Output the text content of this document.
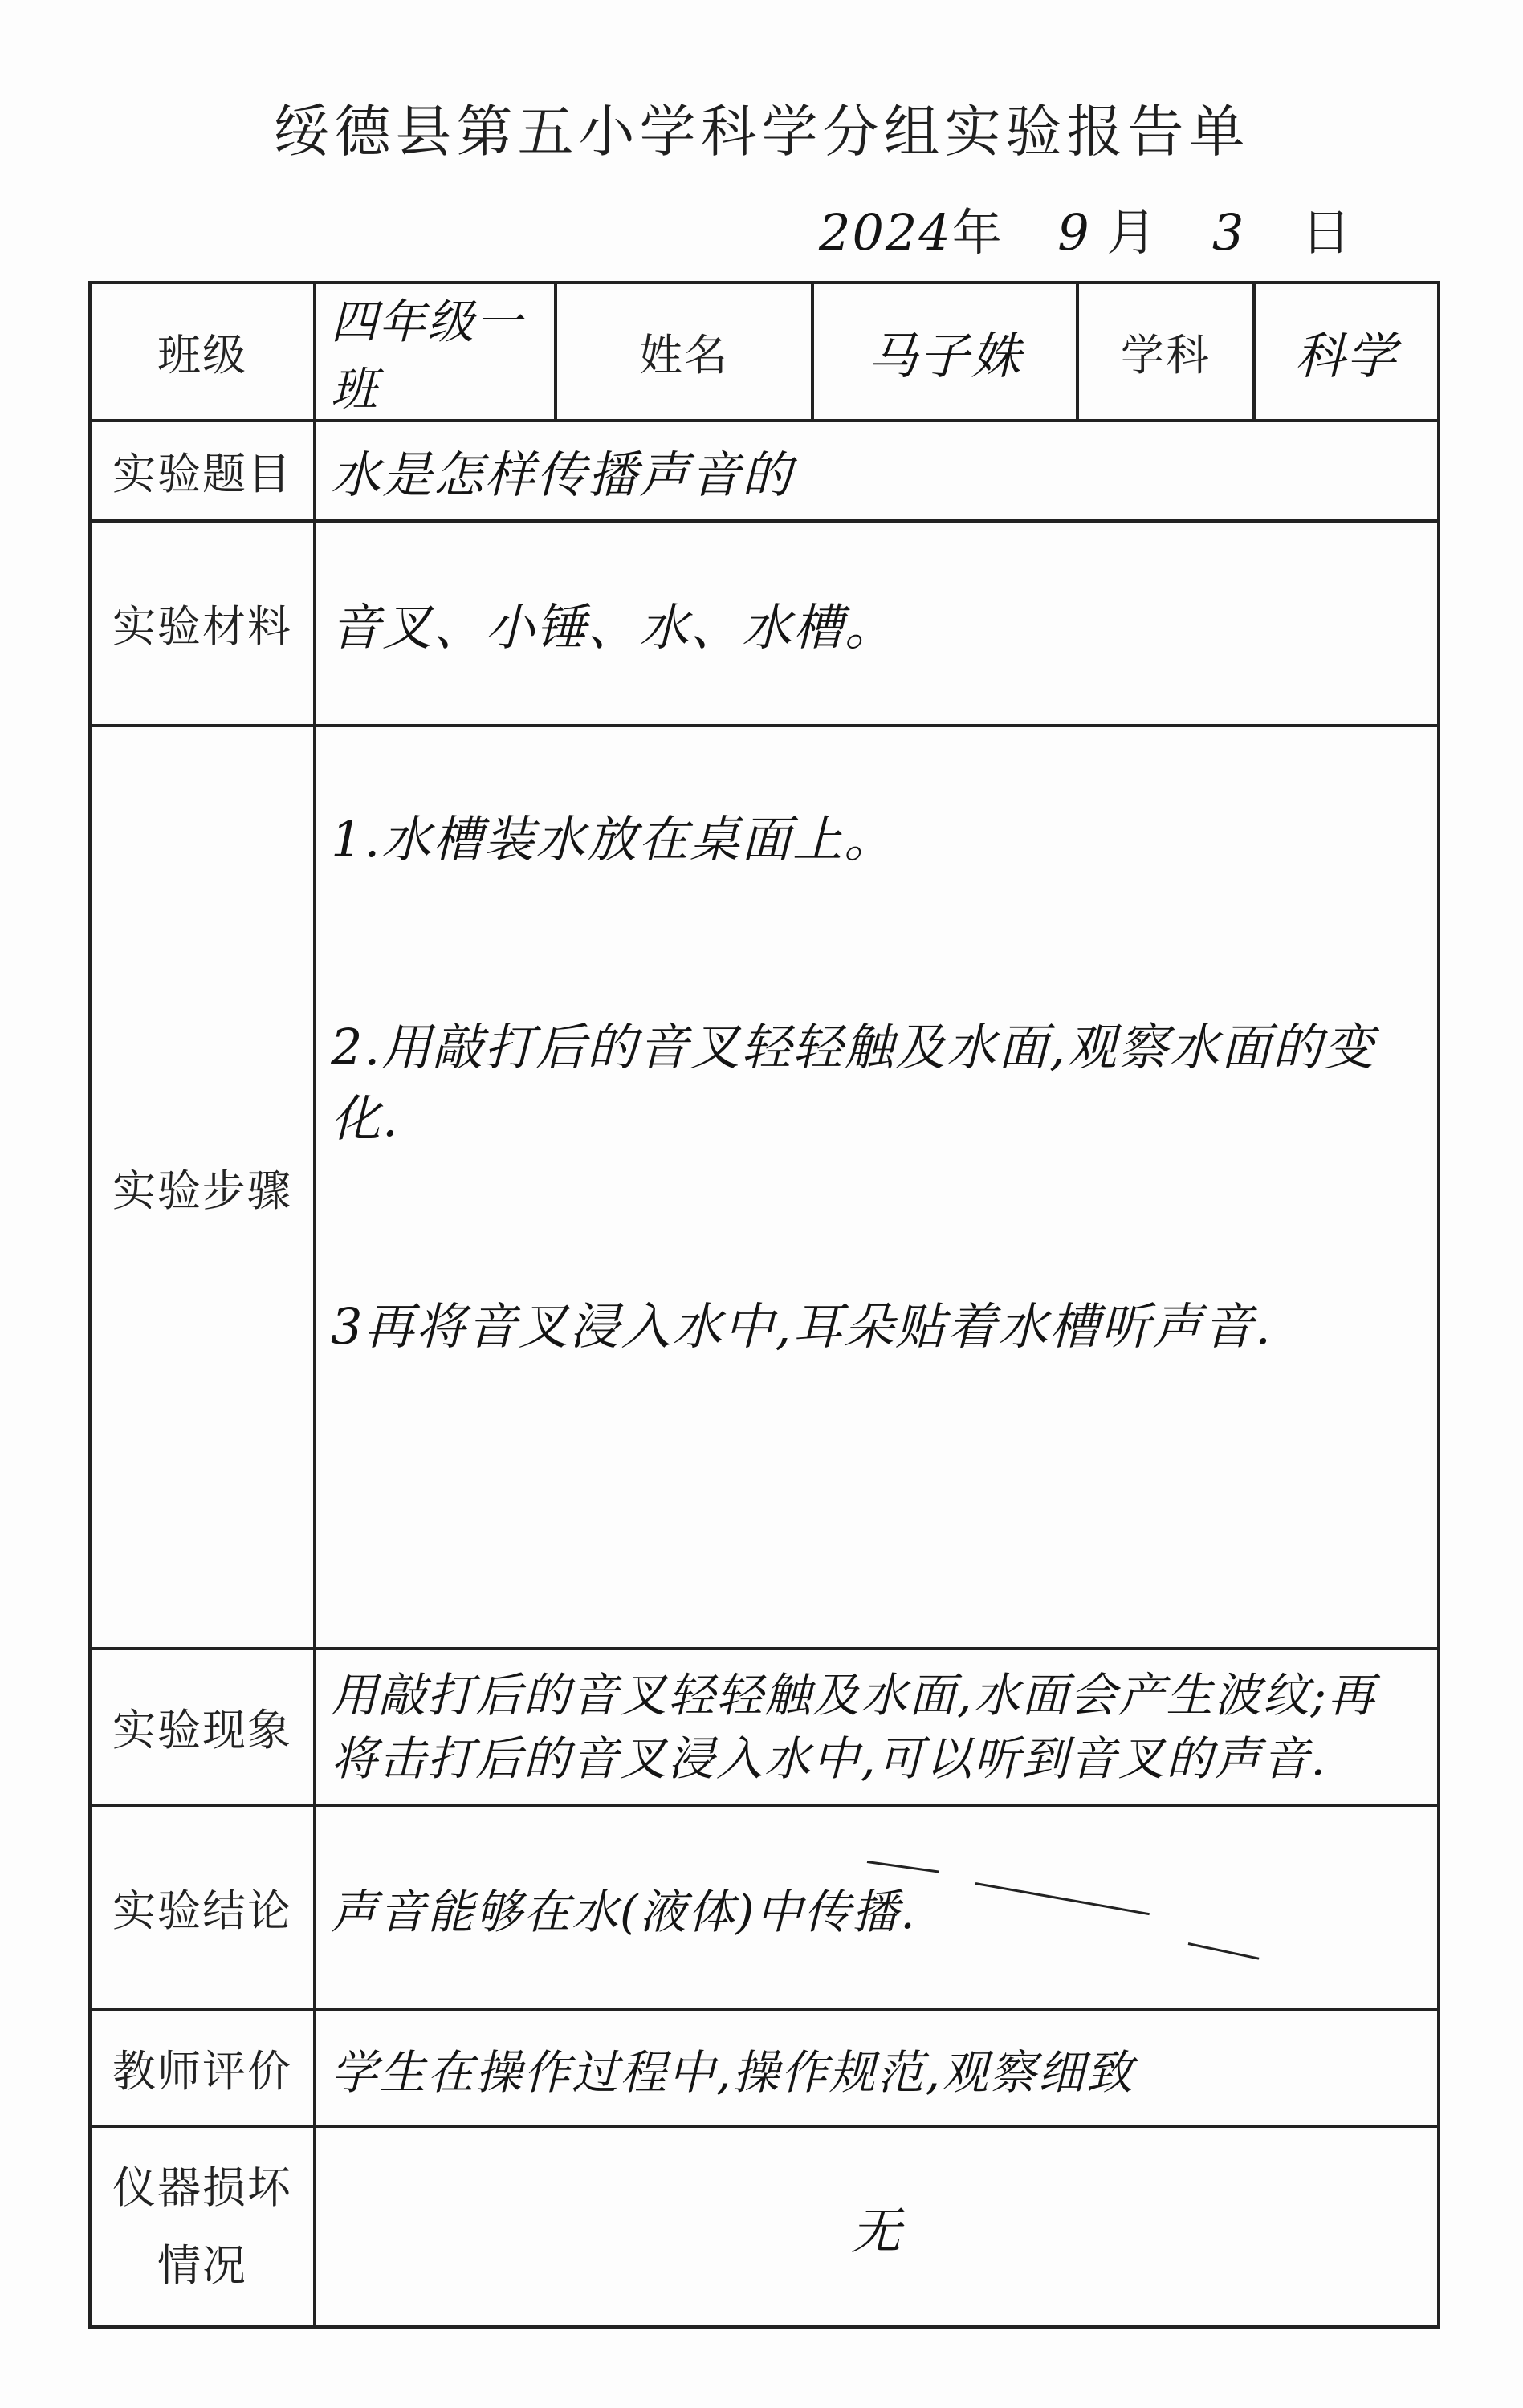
绥德县第五小学科学分组实验报告单
2024年 9 月 3 日
班级	四年级一班	姓名	马子姝	学科	科学
实验题目	水是怎样传播声音的				
实验材料	音叉、小锤、水、水槽。				
实验步骤	1.水槽装水放在桌面上。
2.用敲打后的音叉轻轻触及水面,观察水面的变化.
3再将音叉浸入水中,耳朵贴着水槽听声音.				

实验现象	用敲打后的音叉轻轻触及水面,水面会产生波纹;再将击打后的音叉浸入水中,可以听到音叉的声音.				
实验结论	声音能够在水(液体)中传播.				
教师评价	学生在操作过程中,操作规范,观察细致				

仪器损坏
情况	无				
